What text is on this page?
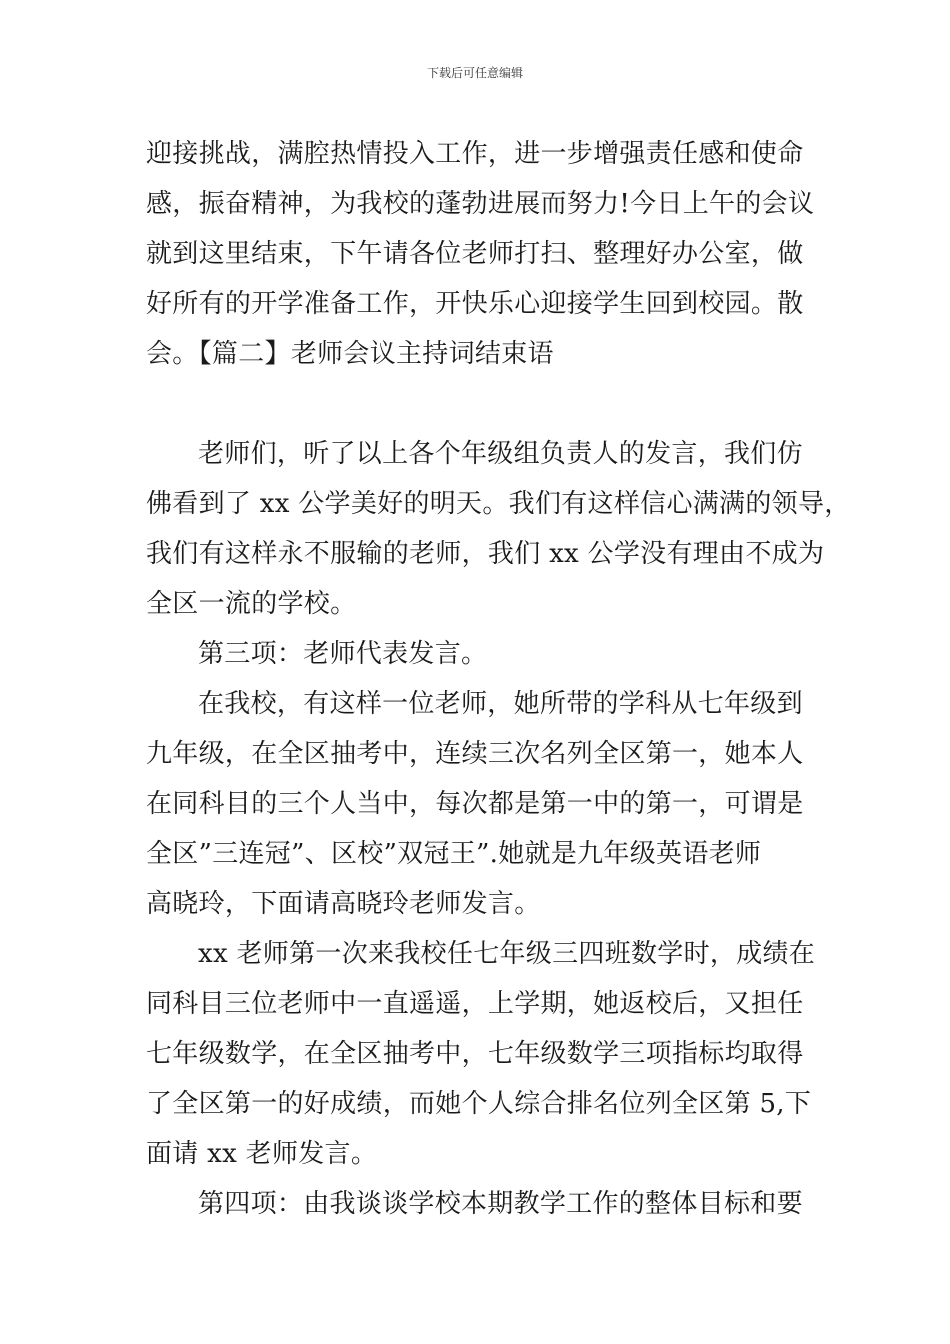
下载后可任意编辑
迎接挑战，满腔热情投入工作，进一步增强责任感和使命
感，振奋精神，为我校的蓬勃进展而努力!今日上午的会议
就到这里结束，下午请各位老师打扫、整理好办公室，做
好所有的开学准备工作，开快乐心迎接学生回到校园。散
会。【篇二】老师会议主持词结束语
老师们，听了以上各个年级组负责人的发言，我们仿
佛看到了 xx 公学美好的明天。我们有这样信心满满的领导，
我们有这样永不服输的老师，我们 xx 公学没有理由不成为
全区一流的学校。
第三项：老师代表发言。
在我校，有这样一位老师，她所带的学科从七年级到
九年级，在全区抽考中，连续三次名列全区第一，她本人
在同科目的三个人当中，每次都是第一中的第一，可谓是
全区”三连冠”、区校”双冠王”.她就是九年级英语老师
高晓玲，下面请高晓玲老师发言。
xx 老师第一次来我校任七年级三四班数学时，成绩在
同科目三位老师中一直遥遥，上学期，她返校后，又担任
七年级数学，在全区抽考中，七年级数学三项指标均取得
了全区第一的好成绩，而她个人综合排名位列全区第 5,下
面请 xx 老师发言。
第四项：由我谈谈学校本期教学工作的整体目标和要
